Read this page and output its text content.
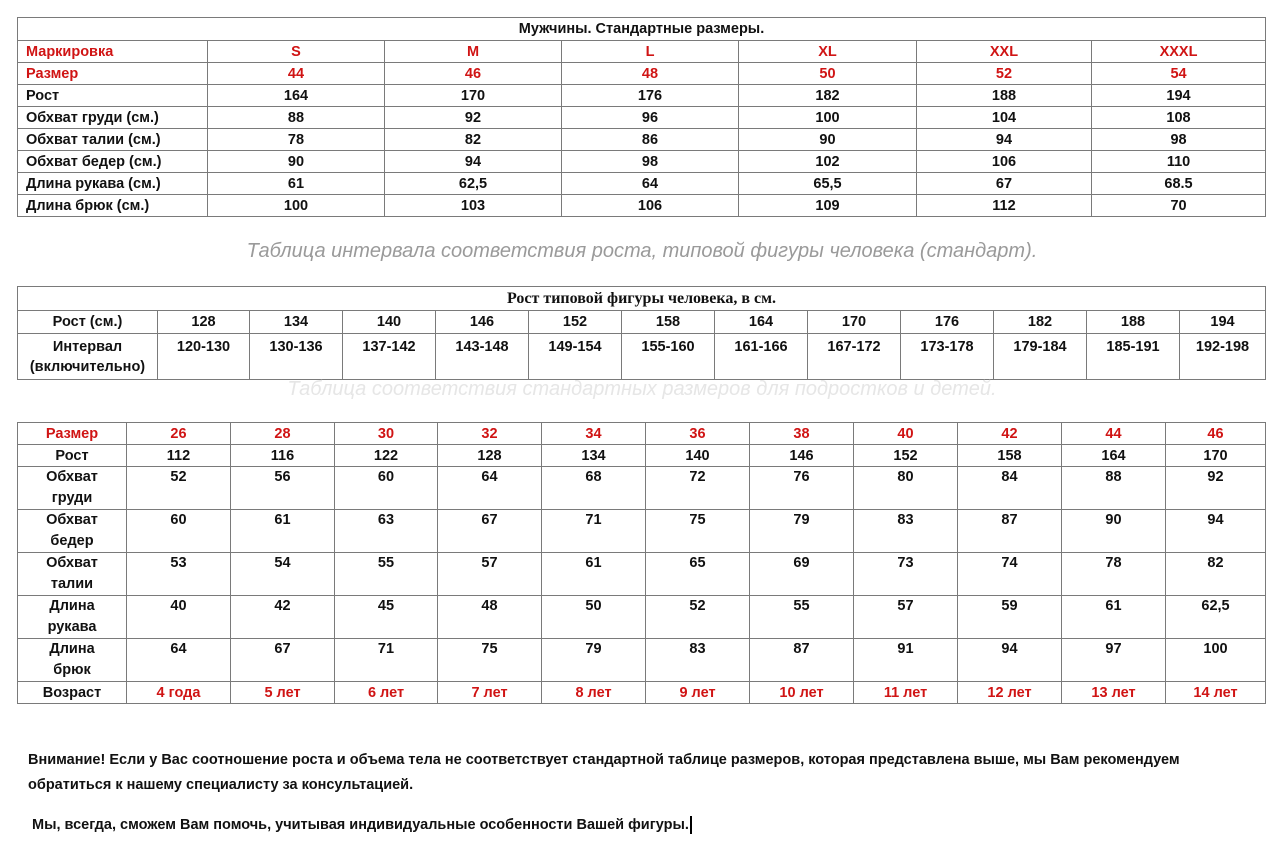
Мужчины. Стандартные размеры.						
Маркировка	S	M	L	XL	XXL	XXXL
Размер	44	46	48	50	52	54
Рост	164	170	176	182	188	194
Обхват груди (см.)	88	92	96	100	104	108
Обхват талии (см.)	78	82	86	90	94	98
Обхват бедер (см.)	90	94	98	102	106	110
Длина рукава (см.)	61	62,5	64	65,5	67	68.5
Длина брюк (см.)	100	103	106	109	112	70
Таблица интервала соответствия роста, типовой фигуры человека (стандарт).
Рост типовой фигуры человека, в см.												
Рост (см.)	128	134	140	146	152	158	164	170	176	182	188	194
Интервал
(включительно)	120-130	130-136	137-142	143-148	149-154	155-160	161-166	167-172	173-178	179-184	185-191	192-198
Таблица соответствия стандартных размеров для подростков и детей.
Размер	26	28	30	32	34	36	38	40	42	44	46
Рост	112	116	122	128	134	140	146	152	158	164	170
Обхват
груди	52	56	60	64	68	72	76	80	84	88	92
Обхват
бедер	60	61	63	67	71	75	79	83	87	90	94
Обхват
талии	53	54	55	57	61	65	69	73	74	78	82
Длина
рукава	40	42	45	48	50	52	55	57	59	61	62,5
Длина
брюк	64	67	71	75	79	83	87	91	94	97	100
Возраст	4 года	5 лет	6 лет	7 лет	8 лет	9 лет	10 лет	11 лет	12 лет	13 лет	14 лет
Внимание! Если у Вас соотношение роста и объема тела не соответствует стандартной таблице размеров, которая представлена выше, мы Вам рекомендуем
обратиться к нашему специалисту за консультацией.
Мы, всегда, сможем Вам помочь, учитывая индивидуальные особенности Вашей фигуры.
